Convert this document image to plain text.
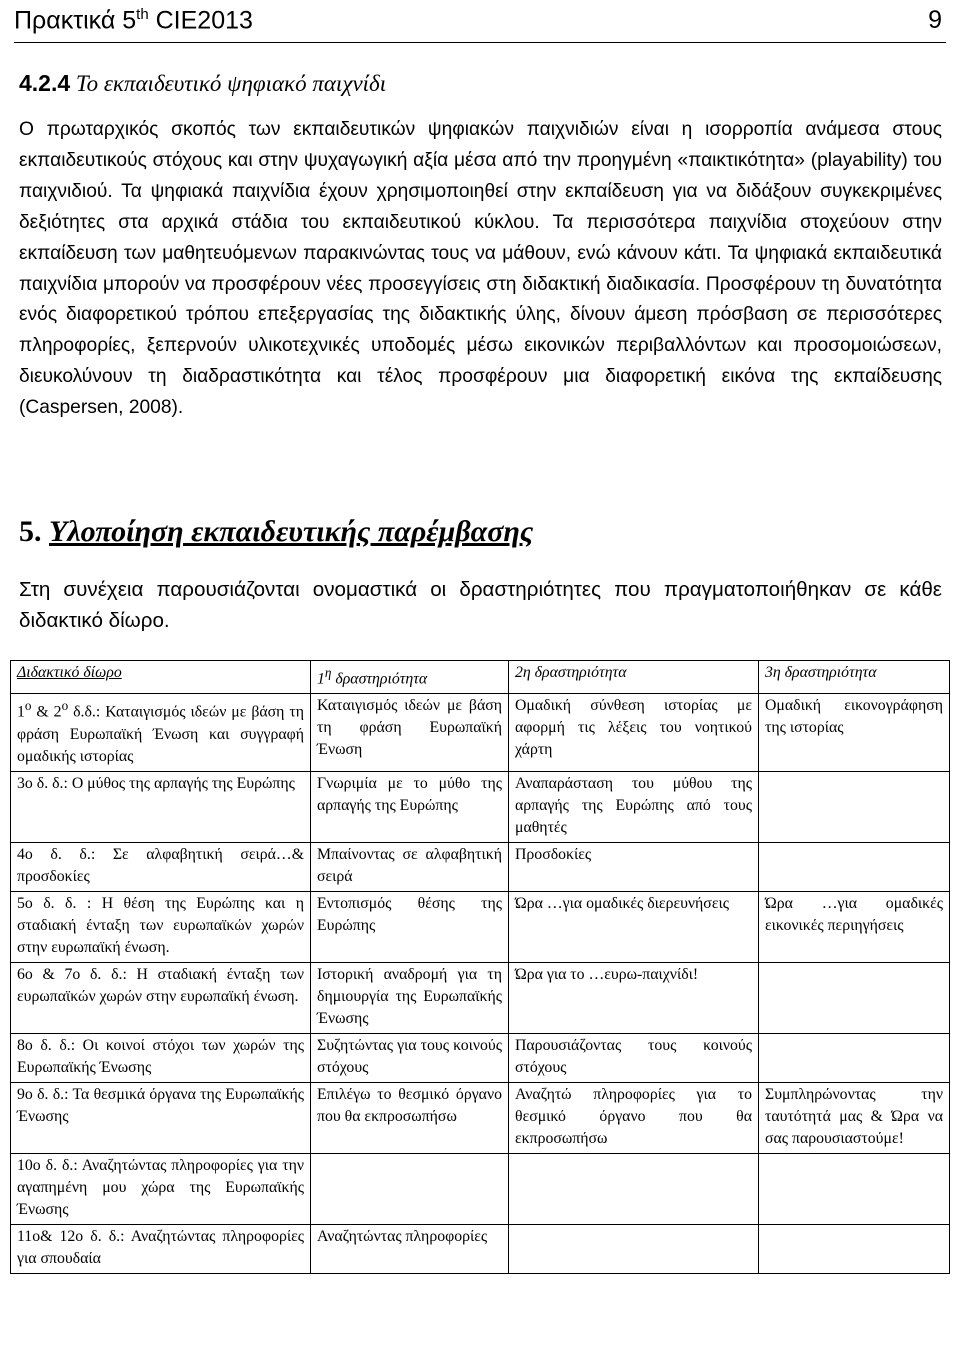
Πρακτικά 5th CIE2013	9
4.2.4 Το εκπαιδευτικό ψηφιακό παιχνίδι
Ο πρωταρχικός σκοπός των εκπαιδευτικών ψηφιακών παιχνιδιών είναι η ισορροπία ανάμεσα στους εκπαιδευτικούς στόχους και στην ψυχαγωγική αξία μέσα από την προηγμένη «παικτικότητα» (playability) του παιχνιδιού. Τα ψηφιακά παιχνίδια έχουν χρησιμοποιηθεί στην εκπαίδευση για να διδάξουν συγκεκριμένες δεξιότητες στα αρχικά στάδια του εκπαιδευτικού κύκλου. Τα περισσότερα παιχνίδια στοχεύουν στην εκπαίδευση των μαθητευόμενων παρακινώντας τους να μάθουν, ενώ κάνουν κάτι. Τα ψηφιακά εκπαιδευτικά παιχνίδια μπορούν να προσφέρουν νέες προσεγγίσεις στη διδακτική διαδικασία. Προσφέρουν τη δυνατότητα ενός διαφορετικού τρόπου επεξεργασίας της διδακτικής ύλης, δίνουν άμεση πρόσβαση σε περισσότερες πληροφορίες, ξεπερνούν υλικοτεχνικές υποδομές μέσω εικονικών περιβαλλόντων και προσομοιώσεων, διευκολύνουν τη διαδραστικότητα και τέλος προσφέρουν μια διαφορετική εικόνα της εκπαίδευσης (Caspersen, 2008).
5. Υλοποίηση εκπαιδευτικής παρέμβασης
Στη συνέχεια παρουσιάζονται ονομαστικά οι δραστηριότητες που πραγματοποιήθηκαν σε κάθε διδακτικό δίωρο.
Διδακτικό δίωρο	$1^\eta$ δραστηριότητα	2η δραστηριότητα	3η δραστηριότητα
$1^o$ & $2^o$ δ.δ.: Καταιγισμός ιδεών με βάση τη φράση Ευρωπαϊκή Ένωση και συγγραφή ομαδικής ιστορίας	Καταιγισμός ιδεών με βάση τη φράση Ευρωπαϊκή Ένωση	Ομαδική σύνθεση ιστορίας με αφορμή τις λέξεις του νοητικού χάρτη	Ομαδική εικονογράφηση της ιστορίας
3ο δ. δ.: Ο μύθος της αρπαγής της Ευρώπης	Γνωριμία με το μύθο της αρπαγής της Ευρώπης	Αναπαράσταση του μύθου της αρπαγής της Ευρώπης από τους μαθητές	
4ο δ. δ.: Σε αλφαβητική σειρά…& προσδοκίες	Μπαίνοντας σε αλφαβητική σειρά	Προσδοκίες	
5ο δ. δ. : Η θέση της Ευρώπης και η σταδιακή ένταξη των ευρωπαϊκών χωρών στην ευρωπαϊκή ένωση.	Εντοπισμός θέσης της Ευρώπης	Ώρα …για ομαδικές διερευνήσεις	Ώρα …για ομαδικές εικονικές περιηγήσεις
6ο & 7ο δ. δ.: Η σταδιακή ένταξη των ευρωπαϊκών χωρών στην ευρωπαϊκή ένωση.	Ιστορική αναδρομή για τη δημιουργία της Ευρωπαϊκής Ένωσης	Ώρα για το …ευρω-παιχνίδι!	
8ο δ. δ.: Οι κοινοί στόχοι των χωρών της Ευρωπαϊκής Ένωσης	Συζητώντας για τους κοινούς στόχους	Παρουσιάζοντας τους κοινούς στόχους	
9ο δ. δ.: Τα θεσμικά όργανα της Ευρωπαϊκής Ένωσης	Επιλέγω το θεσμικό όργανο που θα εκπροσωπήσω	Αναζητώ πληροφορίες για το θεσμικό όργανο που θα εκπροσωπήσω	Συμπληρώνοντας την ταυτότητά μας & Ώρα να σας παρουσιαστούμε!
10ο δ. δ.: Αναζητώντας πληροφορίες για την αγαπημένη μου χώρα της Ευρωπαϊκής Ένωσης			
11ο& 12ο δ. δ.: Αναζητώντας πληροφορίες για σπουδαία	Αναζητώντας πληροφορίες		
